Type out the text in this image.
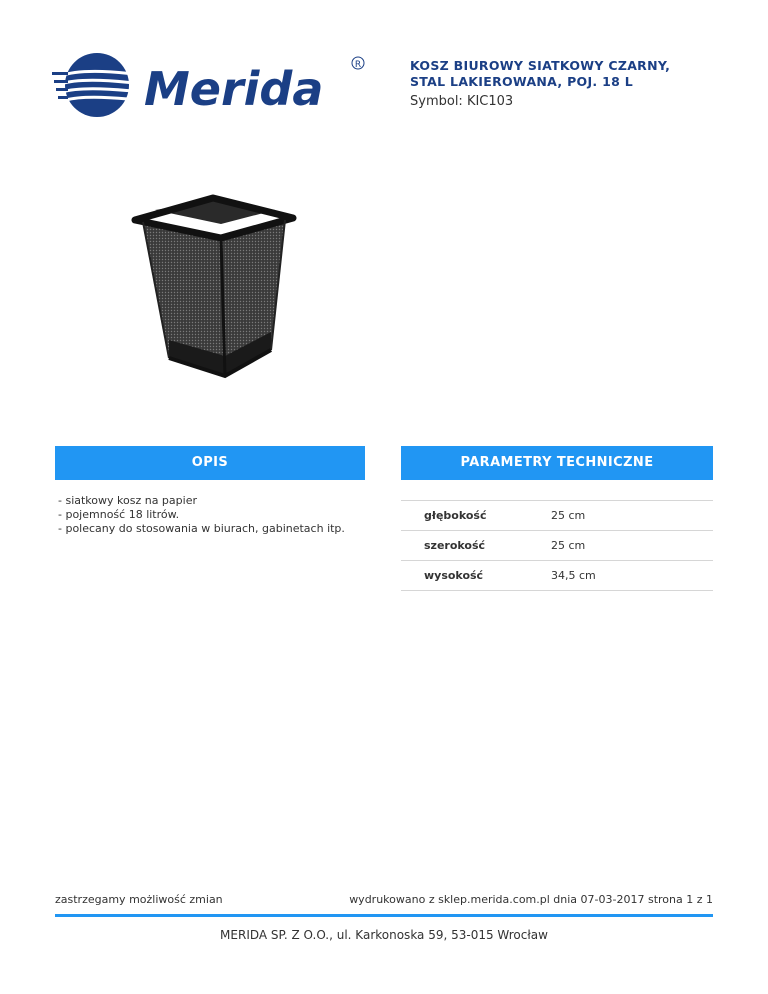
Merida	R	KOSZ BIUROWY SIATKOWY CZARNY,
STAL LAKIEROWANA, POJ. 18 L
Symbol: KIC103
OPIS	PARAMETRY TECHNICZNE
- siatkowy kosz na papier
- pojemność 18 litrów.
- polecany do stosowania w biurach, gabinetach itp.
głębokość	25 cm
szerokość	25 cm
wysokość	34,5 cm
zastrzegamy możliwość zmian	wydrukowano z sklep.merida.com.pl dnia 07-03-2017 strona 1 z 1
MERIDA SP. Z O.O., ul. Karkonoska 59, 53-015 Wrocław
